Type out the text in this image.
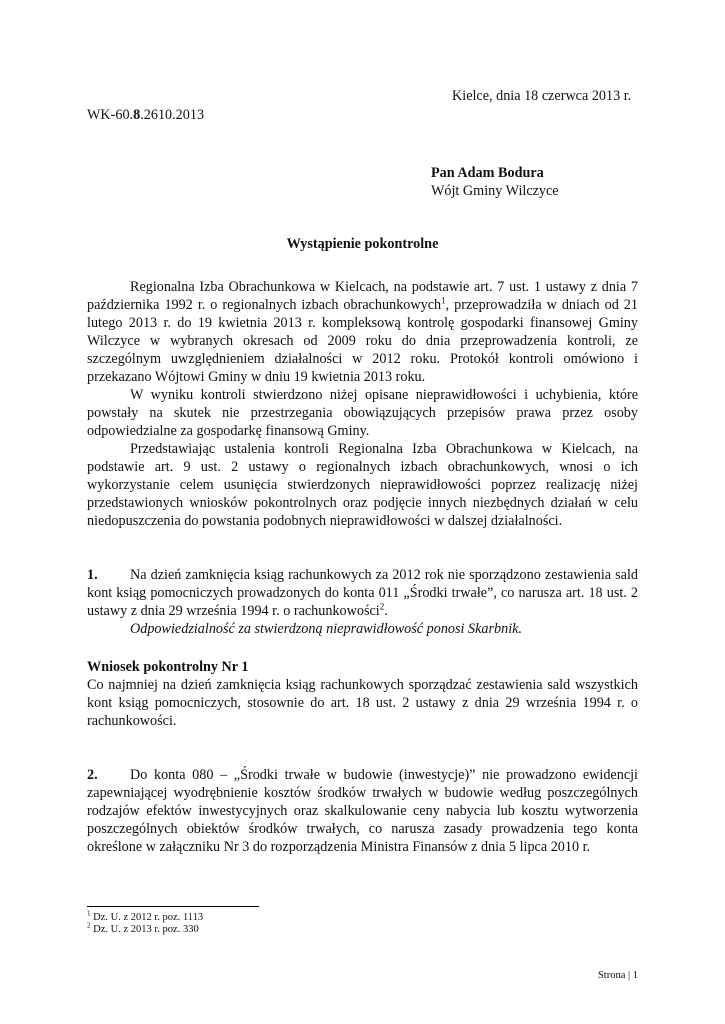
Kielce, dnia 18 czerwca 2013 r.
WK-60.8.2610.2013
Pan Adam Bodura
Wójt Gminy Wilczyce
Wystąpienie pokontrolne

Regionalna Izba Obrachunkowa w Kielcach, na podstawie art. 7 ust. 1 ustawy z dnia 7 października 1992 r. o regionalnych izbach obrachunkowych$^1$, przeprowadziła w dniach od 21 lutego 2013 r. do 19 kwietnia 2013 r. kompleksową kontrolę gospodarki finansowej Gminy Wilczyce w wybranych okresach od 2009 roku do dnia przeprowadzenia kontroli, ze szczególnym uwzględnieniem działalności w 2012 roku. Protokół kontroli omówiono i przekazano Wójtowi Gminy w dniu 19 kwietnia 2013 roku.

W wyniku kontroli stwierdzono niżej opisane nieprawidłowości i uchybienia, które powstały na skutek nie przestrzegania obowiązujących przepisów prawa przez osoby odpowiedzialne za gospodarkę finansową Gminy.

Przedstawiając ustalenia kontroli Regionalna Izba Obrachunkowa w Kielcach, na podstawie art. 9 ust. 2 ustawy o regionalnych izbach obrachunkowych, wnosi o ich wykorzystanie celem usunięcia stwierdzonych nieprawidłowości poprzez realizację niżej przedstawionych wniosków pokontrolnych oraz podjęcie innych niezbędnych działań w celu niedopuszczenia do powstania podobnych nieprawidłowości w dalszej działalności.

1. Na dzień zamknięcia ksiąg rachunkowych za 2012 rok nie sporządzono zestawienia sald kont ksiąg pomocniczych prowadzonych do konta 011 „Środki trwałe”, co narusza art. 18 ust. 2 ustawy z dnia 29 września 1994 r. o rachunkowości$^2$.

Odpowiedzialność za stwierdzoną nieprawidłowość ponosi Skarbnik.

Wniosek pokontrolny Nr 1

Co najmniej na dzień zamknięcia ksiąg rachunkowych sporządzać zestawienia sald wszystkich kont ksiąg pomocniczych, stosownie do art. 18 ust. 2 ustawy z dnia 29 września 1994 r. o rachunkowości.

2. Do konta 080 – „Środki trwałe w budowie (inwestycje)” nie prowadzono ewidencji zapewniającej wyodrębnienie kosztów środków trwałych w budowie według poszczególnych rodzajów efektów inwestycyjnych oraz skalkulowanie ceny nabycia lub kosztu wytworzenia poszczególnych obiektów środków trwałych, co narusza zasady prowadzenia tego konta określone w załączniku Nr 3 do rozporządzenia Ministra Finansów z dnia 5 lipca 2010 r.

$^1$ Dz. U. z 2012 r. poz. 1113
$^2$ Dz. U. z 2013 r. poz. 330
Strona | 1
